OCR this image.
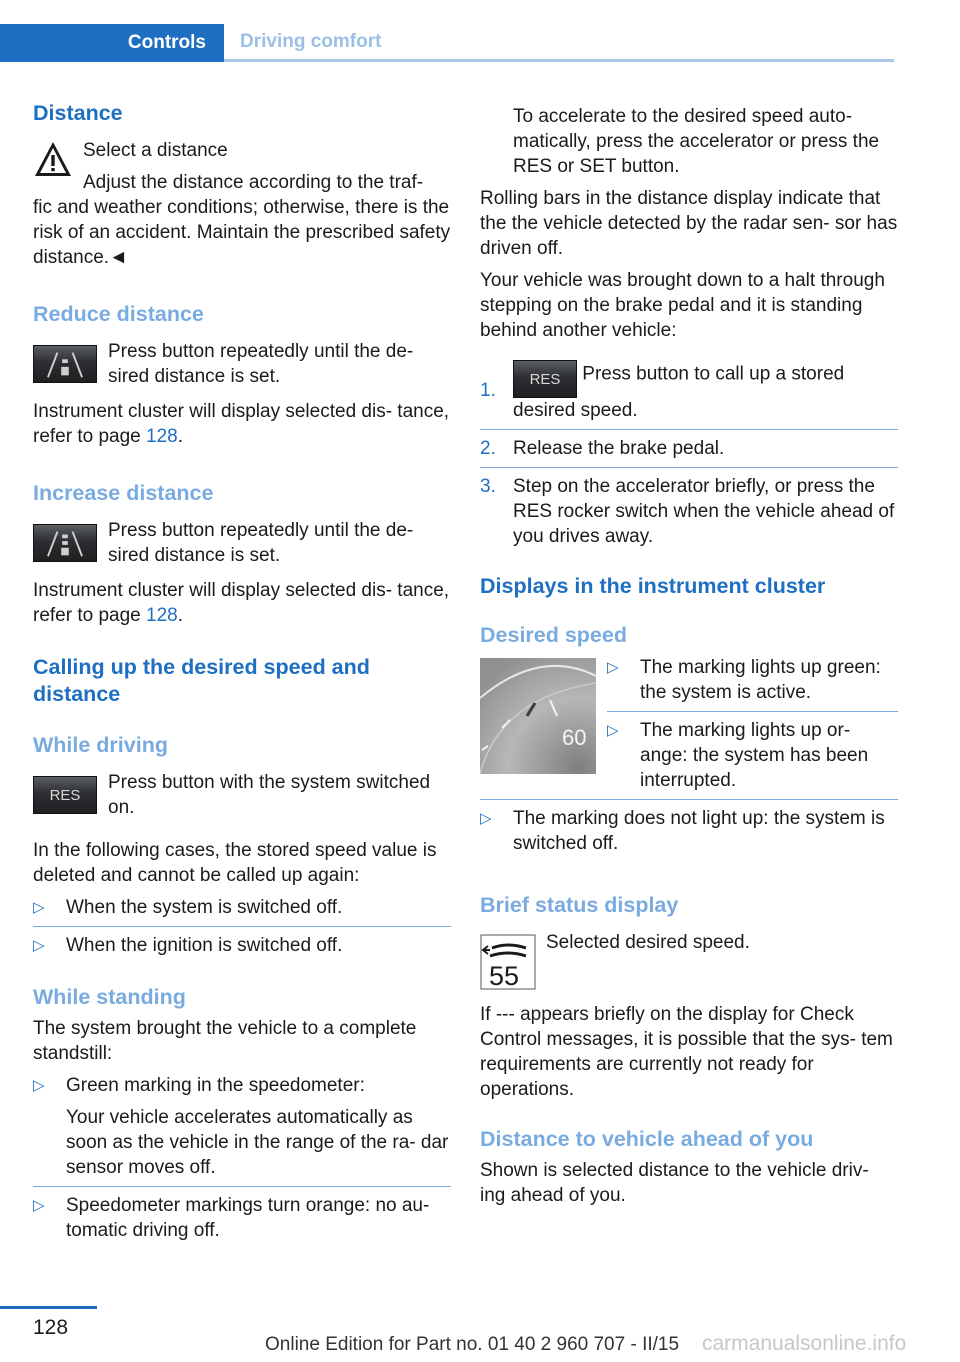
Controls	Driving comfort
Distance
Select a distance
Adjust the distance according to the traf-

fic and weather conditions; otherwise, there is the risk of an accident. Maintain the prescribed safety distance.◄

Reduce distance
Press button repeatedly until the de- sired distance is set.

Instrument cluster will display selected dis- tance, refer to page 128.

Increase distance
Press button repeatedly until the de- sired distance is set.

Instrument cluster will display selected dis- tance, refer to page 128.

Calling up the desired speed and distance
While driving
RES
Press button with the system switched on.

In the following cases, the stored speed value is deleted and cannot be called up again:

▷ When the system is switched off.
▷ When the ignition is switched off.
While standing

The system brought the vehicle to a complete standstill:

▷ Green marking in the speedometer:
Your vehicle accelerates automatically as soon as the vehicle in the range of the ra- dar sensor moves off.
▷ Speedometer markings turn orange: no au- tomatic driving off.

To accelerate to the desired speed auto- matically, press the accelerator or press the RES or SET button.

Rolling bars in the distance display indicate that the the vehicle detected by the radar sen- sor has driven off.

Your vehicle was brought down to a halt through stepping on the brake pedal and it is standing behind another vehicle:

1.
RES Press button to call up a stored desired speed.
2. Release the brake pedal.
3. Step on the accelerator briefly, or press the RES rocker switch when the vehicle ahead of you drives away.
Displays in the instrument cluster
Desired speed
60
▷ The marking lights up green: the system is active.
▷ The marking lights up or- ange: the system has been interrupted.
▷ The marking does not light up: the system is switched off.
Brief status display
55
Selected desired speed.

If --- appears briefly on the display for Check Control messages, it is possible that the sys- tem requirements are currently not ready for operations.

Distance to vehicle ahead of you

Shown is selected distance to the vehicle driv- ing ahead of you.

128
Online Edition for Part no. 01 40 2 960 707 - II/15 carmanualsonline.info
